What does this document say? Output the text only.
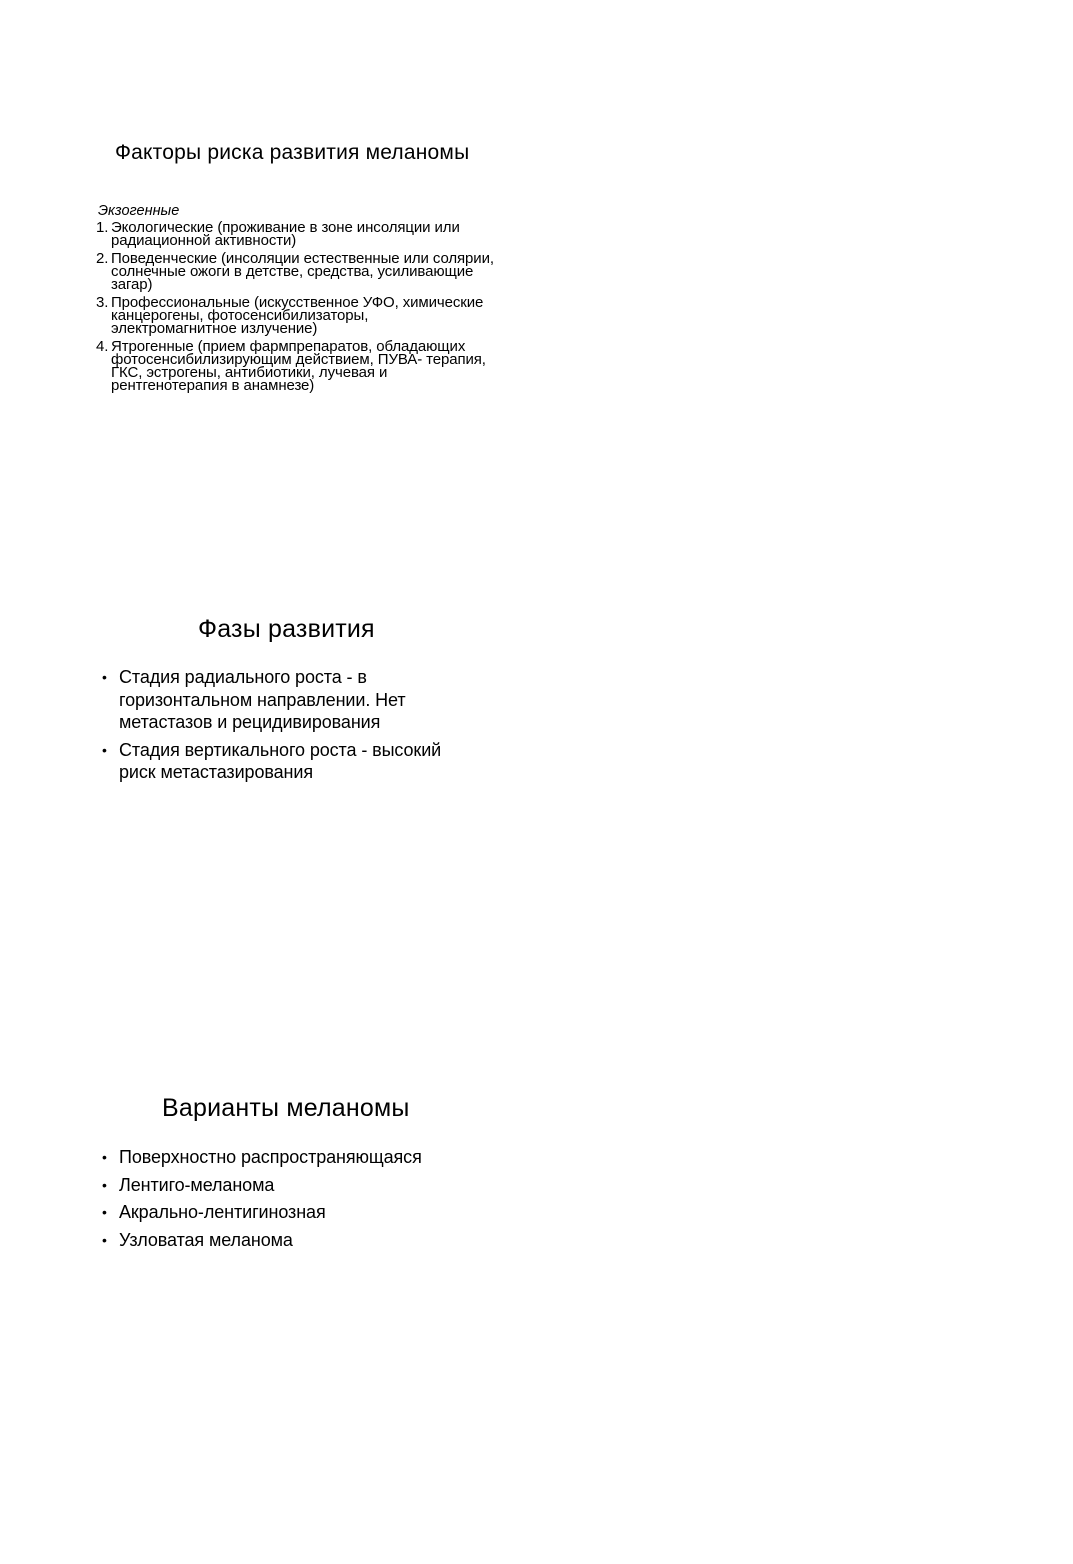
Факторы риска развития меланомы

Экзогенные

1. Экологические (проживание в зоне инсоляции или радиационной активности)
2. Поведенческие (инсоляции естественные или солярии, солнечные ожоги в детстве, средства, усиливающие загар)
3. Профессиональные (искусственное УФО, химические канцерогены, фотосенсибилизаторы, электромагнитное излучение)
4. Ятрогенные (прием фармпрепаратов, обладающих фотосенсибилизирующим действием, ПУВА- терапия, ГКС, эстрогены, антибиотики, лучевая и рентгенотерапия в анамнезе)
Фазы развития
• Стадия радиального роста - в горизонтальном направлении. Нет метастазов и рецидивирования
• Стадия вертикального роста - высокий риск метастазирования
Варианты меланомы
• Поверхностно распространяющаяся
• Лентиго-меланома
• Акрально-лентигинозная
• Узловатая меланома
